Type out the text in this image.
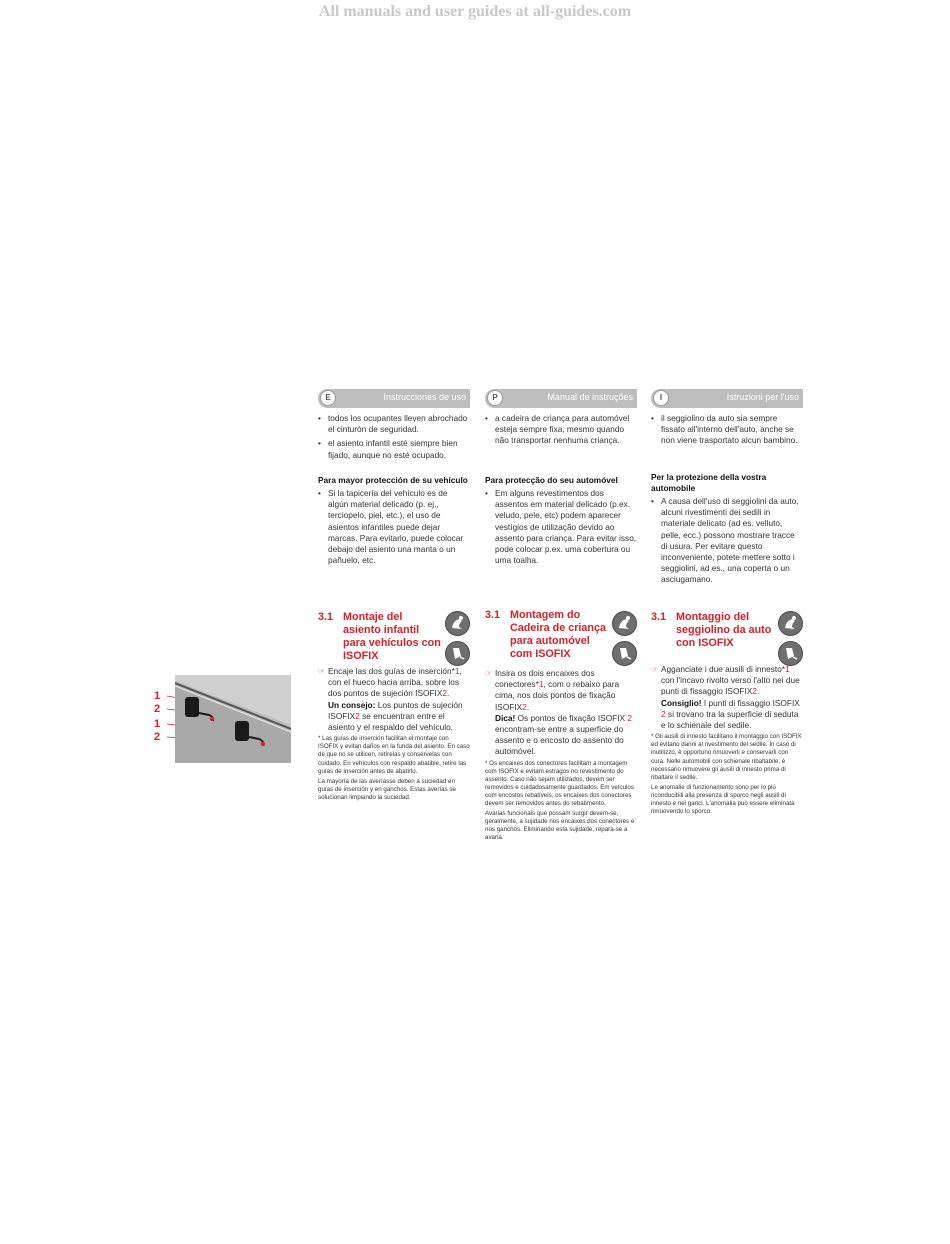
All manuals and user guides at all-guides.com
1
2
1
2
E	Instrucciones de uso
• todos los ocupantes lleven abrochado el cinturón de seguridad.
• el asiento infantil esté siempre bien fijado, aunque no esté ocupado.
Para mayor protección de su vehículo
• Si la tapicería del vehículo es de algún material delicado (p. ej., terciopelo, piel, etc.), el uso de asientos infantiles puede dejar marcas. Para evitarlo, puede colocar debajo del asiento una manta o un pañuelo, etc.
3.1 Montaje del asiento infantil para vehículos con ISOFIX
☞ Encaje las dos guías de inserción*1, con el hueco hacia arriba, sobre los dos puntos de sujeción ISOFIX2.
Un consejo: Los puntos de sujeción ISOFIX2 se encuentran entre el asiento y el respaldo del vehículo.
* Las guías de inserción facilitan el montaje con ISOFIX y evitan daños en la funda del asiento. En caso de que no se utilicen, retírelas y consérvelas con cuidado. En vehículos con respaldo abatible, retire las guías de inserción antes de abatirlo.
La mayoría de las averíasse deben a suciedad en guías de inserción y en ganchos. Estas averías se solucionan limpiando la suciedad.
P	Manual de instruções
• a cadeira de criança para automóvel esteja sempre fixa, mesmo quando não transportar nenhuma criança.
Para protecção do seu automóvel
• Em alguns revestimentos dos assentos em material delicado (p.ex. veludo, pele, etc) podem aparecer vestígios de utilização devido ao assento para criança. Para evitar isso, pode colocar p.ex. uma cobertura ou uma toalha.
3.1 Montagem do Cadeira de criança para automóvel com ISOFIX
☞ Insira os dois encaixes dos conectores*1, com o rebaixo para cima, nos dois pontos de fixação ISOFIX2.
Dica! Os pontos de fixação ISOFIX 2 encontram-se entre a superficie do assento e o encosto do assento do automóvel.
* Os encaixes dos conectores facilitam a montagem com ISOFIX e evitam estragos no revestimento do assento. Caso não sejam utilizados, devem ser removidos e cuidadosamente guardados. Em veículos com encostos rebatíveis, os encaixes dos conectores devem ser removidos antes do rebatimento.
Avarias funcionais que possam surgir devem-se, geralmente, a sujidade nos encaixes dos conectores e nos ganchos. Eliminando esta sujidade, repara-se a avaria.
I	Istruzioni per l'uso
• il seggiolino da auto sia sempre fissato all'interno dell'auto, anche se non viene trasportato alcun bambino.
Per la protezione della vostra automobile
• A causa dell'uso di seggiolini da auto, alcuni rivestimenti dei sedili in materiale delicato (ad es. velluto, pelle, ecc.) possono mostrare tracce di usura. Per evitare questo inconveniente, potete mettere sotto i seggiolini, ad es., una coperta o un asciugamano.
3.1 Montaggio del seggiolino da auto con ISOFIX
☞ Agganciate i due ausili di innesto*1 con l'incavo rivolto verso l'alto nei due punti di fissaggio ISOFIX2.
Consiglio! I punti di fissaggio ISOFIX 2 si trovano tra la superficie di seduta e lo schienale del sedile.
* Gli ausili di innesto facilitano il montaggio con ISOFIX ed evitano danni al rivestimento del sedile. In caso di inutilizzo, è opportuno rimuoverli e conservarli con cura. Nelle automobili con schienale ribaltabile, è necessario rimuovere gli ausili di innesto prima di ribaltare il sedile.
Le anomalie di funzionamento sono per lo più riconducibili alla presenza di sporco negli ausili di innesto e nei ganci. L'anomalia può essere eliminata rimuovendo lo sporco.
